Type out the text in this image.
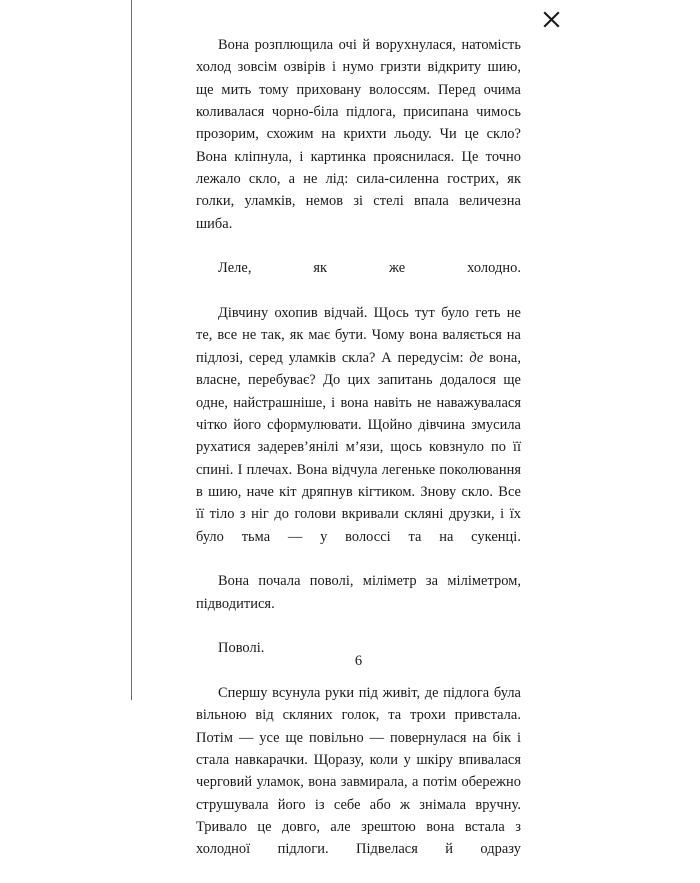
Вона розплющила очі й ворухнулася, натомість холод зовсім озвірів і нумо гризти відкриту шию, ще мить тому приховану волоссям. Перед очима коливалася чорно-біла підлога, присипана чимось прозорим, схожим на крихти льоду. Чи це скло? Вона кліпнула, і картинка прояснилася. Це точно лежало скло, а не лід: сила-силенна гострих, як голки, уламків, немов зі стелі впала величезна шиба.

Леле, як же холодно.

Дівчину охопив відчай. Щось тут було геть не те, все не так, як має бути. Чому вона валяється на підлозі, серед уламків скла? А передусім: де вона, власне, перебуває? До цих запитань додалося ще одне, найстрашніше, і вона навіть не наважувалася чітко його сформулювати. Щойно дівчина змусила рухатися задерев’янілі м’язи, щось ковзнуло по її спині. І плечах. Вона відчула легеньке поколювання в шию, наче кіт дряпнув кігтиком. Знову скло. Все її тіло з ніг до голови вкривали скляні друзки, і їх було тьма — у волоссі та на сукенці.

Вона почала поволі, міліметр за міліметром, підводитися.

Поволі.

Спершу всунула руки під живіт, де підлога була вільною від скляних голок, та трохи привстала. Потім — усе ще повільно — повернулася на бік і стала навкарачки. Щоразу, коли у шкіру впивалася черговий уламок, вона завмирала, а потім обережно струшувала його із себе або ж знімала вручну. Тривало це довго, але зрештою вона встала з холодної підлоги. Підвелася й одразу

6
